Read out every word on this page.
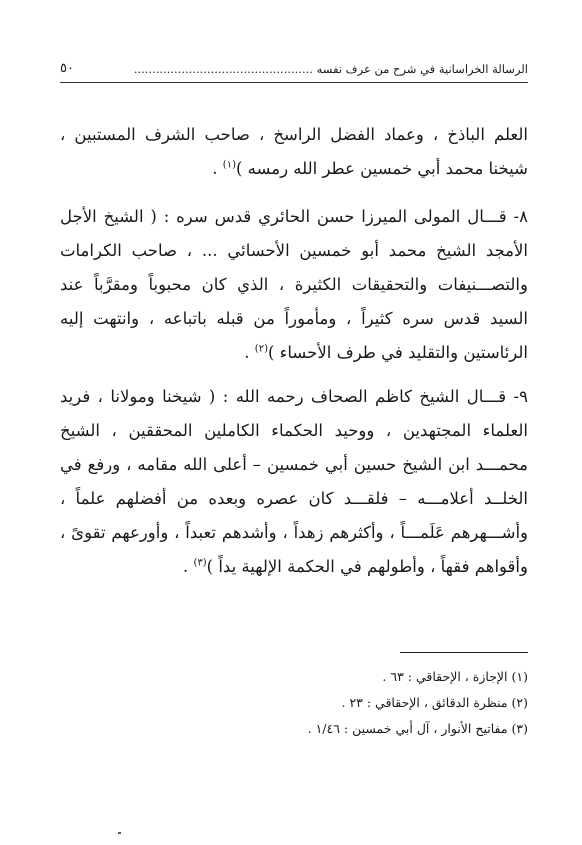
الرسالة الخراسانية في شرح من عرف نفسه .................................................
٥٠

العلم الباذخ ، وعماد الفضل الراسخ ، صاحب الشرف المستبين ، شيخنا محمد أبي خمسين عطر الله رمسه )$^{(١)}$ .

٨- قـــال المولى الميرزا حسن الحائري قدس سره : ( الشيخ الأجل الأمجد الشيخ محمد أبو خمسين الأحسائي ... ، صاحب الكرامات والتصـــنيفات والتحقيقات الكثيرة ، الذي كان محبوباً ومقرَّباً عند السيد قدس سره كثيراً ، ومأموراً من قبله باتباعه ، وانتهت إليه الرئاستين والتقليد في طرف الأحساء )$^{(٢)}$ .

٩- قـــال الشيخ كاظم الصحاف رحمه الله : ( شيخنا ومولانا ، فريد العلماء المجتهدين ، ووحيد الحكماء الكاملين المحققين ، الشيخ محمـــد ابن الشيخ حسين أبي خمسين – أعلى الله مقامه ، ورفع في الخلــد أعلامـــه – فلقـــد كان عصره وبعده من أفضلهم علماً ، وأشـــهرهم عَلَمـــاً ، وأكثرهم زهداً ، وأشدهم تعبداً ، وأورعهم تقوىً ، وأقواهم فقهاً ، وأطولهم في الحكمة الإلهية يداً )$^{(٣)}$ .

(١) الإجازة ، الإحقاقي : ٦٣ .

(٢) منظرة الدقائق ، الإحقاقي : ٢٣ .

(٣) مفاتيح الأنوار ، آل أبي خمسين : ١/٤٦ .
